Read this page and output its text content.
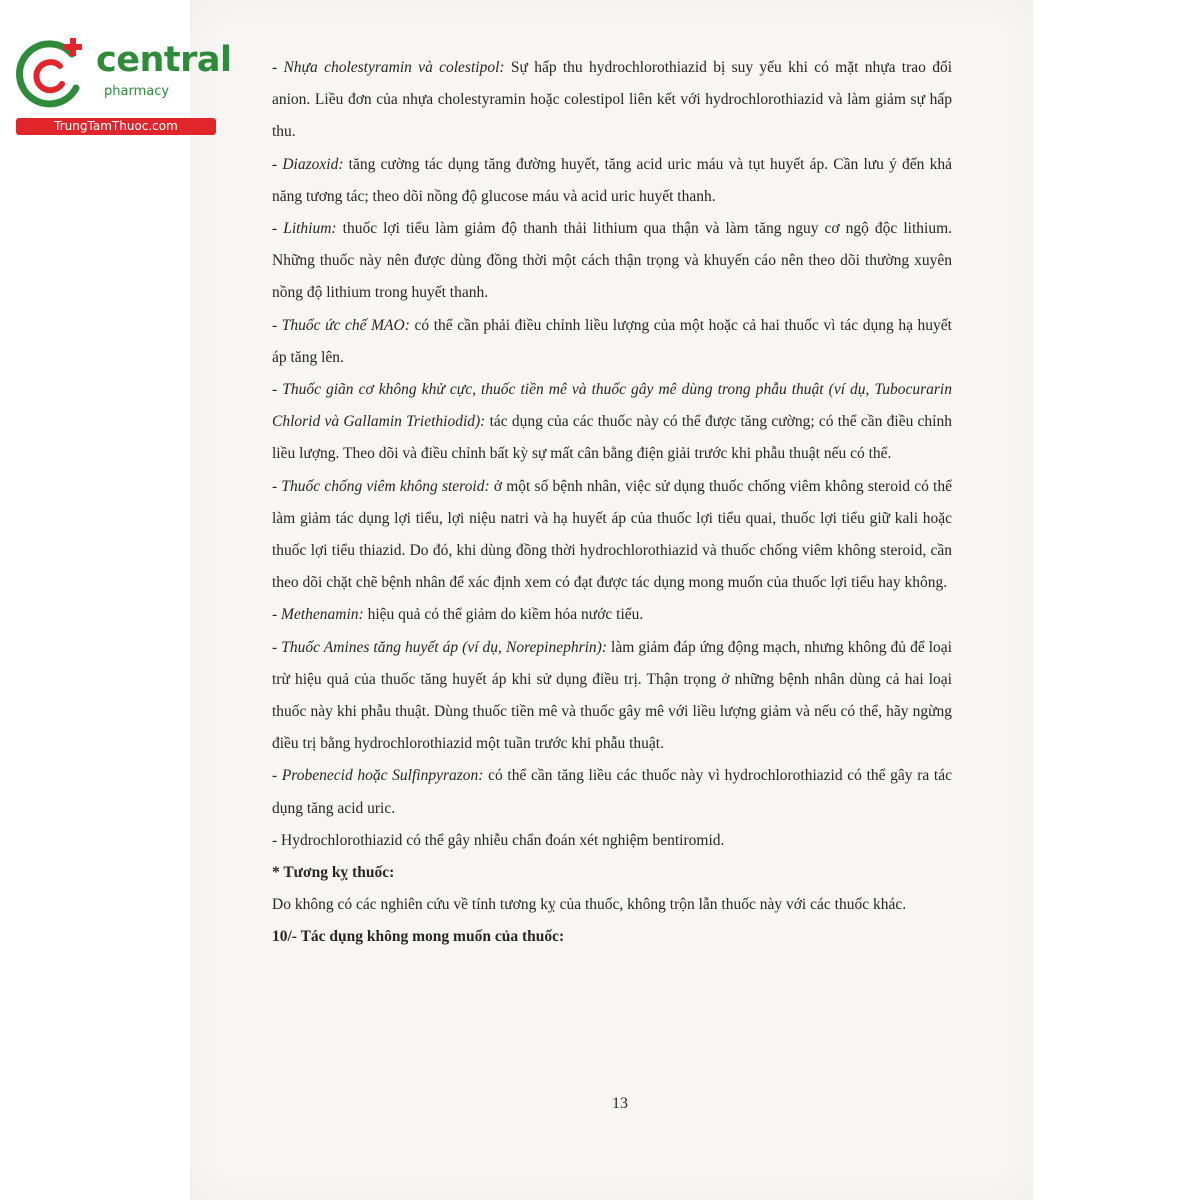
central
pharmacy
TrungTamThuoc.com

- Nhựa cholestyramin và colestipol: Sự hấp thu hydrochlorothiazid bị suy yếu khi có mặt nhựa trao đổi anion. Liều đơn của nhựa cholestyramin hoặc colestipol liên kết với hydrochlorothiazid và làm giảm sự hấp thu.

- Diazoxid: tăng cường tác dụng tăng đường huyết, tăng acid uric máu và tụt huyết áp. Cần lưu ý đến khả năng tương tác; theo dõi nồng độ glucose máu và acid uric huyết thanh.

- Lithium: thuốc lợi tiểu làm giảm độ thanh thải lithium qua thận và làm tăng nguy cơ ngộ độc lithium. Những thuốc này nên được dùng đồng thời một cách thận trọng và khuyến cáo nên theo dõi thường xuyên nồng độ lithium trong huyết thanh.

- Thuốc ức chế MAO: có thể cần phải điều chỉnh liều lượng của một hoặc cả hai thuốc vì tác dụng hạ huyết áp tăng lên.

- Thuốc giãn cơ không khử cực, thuốc tiền mê và thuốc gây mê dùng trong phẫu thuật (ví dụ, Tubocurarin Chlorid và Gallamin Triethiodid): tác dụng của các thuốc này có thể được tăng cường; có thể cần điều chỉnh liều lượng. Theo dõi và điều chỉnh bất kỳ sự mất cân bằng điện giải trước khi phẫu thuật nếu có thể.

- Thuốc chống viêm không steroid: ở một số bệnh nhân, việc sử dụng thuốc chống viêm không steroid có thể làm giảm tác dụng lợi tiểu, lợi niệu natri và hạ huyết áp của thuốc lợi tiểu quai, thuốc lợi tiểu giữ kali hoặc thuốc lợi tiểu thiazid. Do đó, khi dùng đồng thời hydrochlorothiazid và thuốc chống viêm không steroid, cần theo dõi chặt chẽ bệnh nhân để xác định xem có đạt được tác dụng mong muốn của thuốc lợi tiểu hay không.

- Methenamin: hiệu quả có thể giảm do kiềm hóa nước tiểu.

- Thuốc Amines tăng huyết áp (ví dụ, Norepinephrin): làm giảm đáp ứng động mạch, nhưng không đủ để loại trừ hiệu quả của thuốc tăng huyết áp khi sử dụng điều trị. Thận trọng ở những bệnh nhân dùng cả hai loại thuốc này khi phẫu thuật. Dùng thuốc tiền mê và thuốc gây mê với liều lượng giảm và nếu có thể, hãy ngừng điều trị bằng hydrochlorothiazid một tuần trước khi phẫu thuật.

- Probenecid hoặc Sulfinpyrazon: có thể cần tăng liều các thuốc này vì hydrochlorothiazid có thể gây ra tác dụng tăng acid uric.

- Hydrochlorothiazid có thể gây nhiễu chẩn đoán xét nghiệm bentiromid.

* Tương kỵ thuốc:

Do không có các nghiên cứu về tính tương kỵ của thuốc, không trộn lẫn thuốc này với các thuốc khác.

10/- Tác dụng không mong muốn của thuốc:

13
